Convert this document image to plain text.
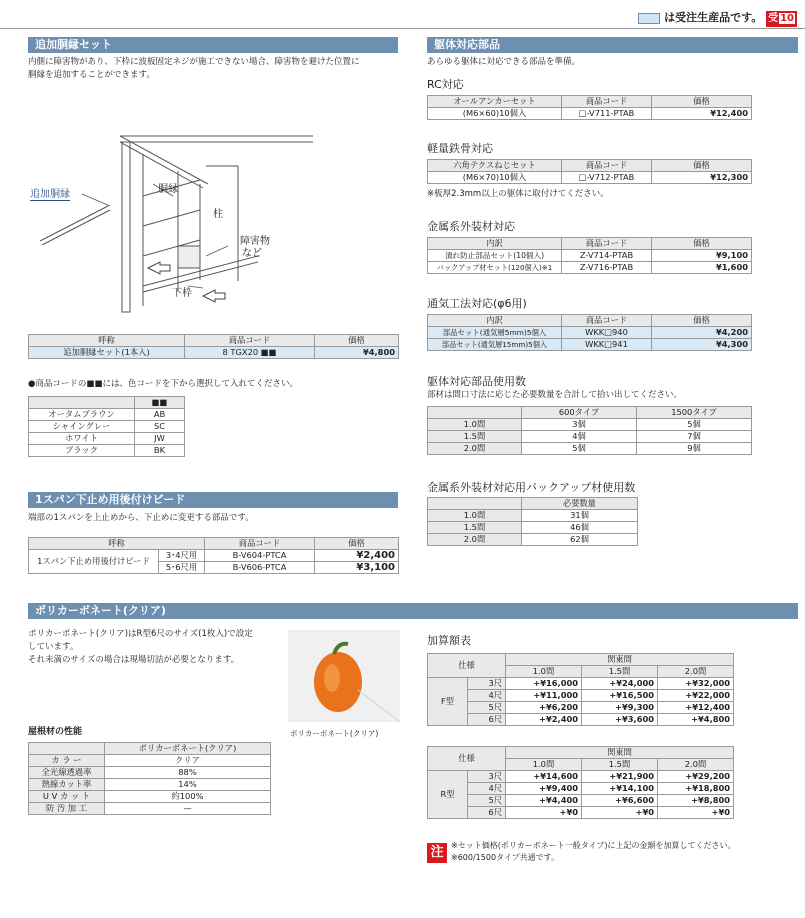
は受注生産品です。 受 10
追加胴縁セット
内側に障害物があり、下枠に波板固定ネジが施工できない場合、障害物を避けた位置に
胴縁を追加することができます。
追加胴縁	胴縁
柱
障害物
など
下枠
呼称	商品コード	価格
追加胴縁セット(1本入)	8 TGX20 ■■	¥4,800
●商品コードの■■には、色コードを下から選択して入れてください。
	■■
オータムブラウン	AB
シャイングレー	SC
ホワイト	JW
ブラック	BK
1スパン下止め用後付けビード
端部の1スパンを上止めから、下止めに変更する部品です。
呼称		商品コード	価格
1スパン下止め用後付けビード	3･4尺用	B-V604-PTCA	¥2,400
	5･6尺用	B-V606-PTCA	¥3,100
ポリカーボネート(クリア)
ポリカーボネート(クリア)はR型6尺のサイズ(1枚入)で設定
しています。
それ未満のサイズの場合は現場切詰が必要となります。
ポリカーボネート(クリア)
屋根材の性能
	ポリカーボネート(クリア)
カ ラ ー	クリア
全光線透過率	88%
熱線カット率	14%
U V カ ッ ト	約100%
防 汚 加 工	—
躯体対応部品
あらゆる躯体に対応できる部品を準備。
RC対応
オールアンカーセット	商品コード	価格
(M6×60)10個入	□-V711-PTAB	¥12,400
軽量鉄骨対応
六角テクスねじセット	商品コード	価格
(M6×70)10個入	□-V712-PTAB	¥12,300
※板厚2.3mm以上の躯体に取付けてください。
金属系外装材対応
内訳	商品コード	価格
漬れ防止部品セット(10個入)	Z-V714-PTAB	¥9,100
バックアップ材セット(120個入)※1	Z-V716-PTAB	¥1,600
通気工法対応(φ6用)
内訳	商品コード	価格
部品セット(通気層5mm)5個入	WKK□940	¥4,200
部品セット(通気層15mm)5個入	WKK□941	¥4,300
躯体対応部品使用数
部材は間口寸法に応じた必要数量を合計して拾い出してください。
	600タイプ	1500タイプ
1.0間	3個	5個
1.5間	4個	7個
2.0間	5個	9個
金属系外装材対応用バックアップ材使用数
	必要数量
1.0間	31個
1.5間	46個
2.0間	62個
加算額表
仕様		関東間		
		1.0間	1.5間	2.0間
F型	3尺	+¥16,000	+¥24,000	+¥32,000
	4尺	+¥11,000	+¥16,500	+¥22,000
	5尺	+¥6,200	+¥9,300	+¥12,400
	6尺	+¥2,400	+¥3,600	+¥4,800
仕様		関東間		
		1.0間	1.5間	2.0間
R型	3尺	+¥14,600	+¥21,900	+¥29,200
	4尺	+¥9,400	+¥14,100	+¥18,800
	5尺	+¥4,400	+¥6,600	+¥8,800
	6尺	+¥0	+¥0	+¥0
注 ※セット価格(ポリカーボネート一般タイプ)に上記の金額を加算してください。
※600/1500タイプ共通です。
